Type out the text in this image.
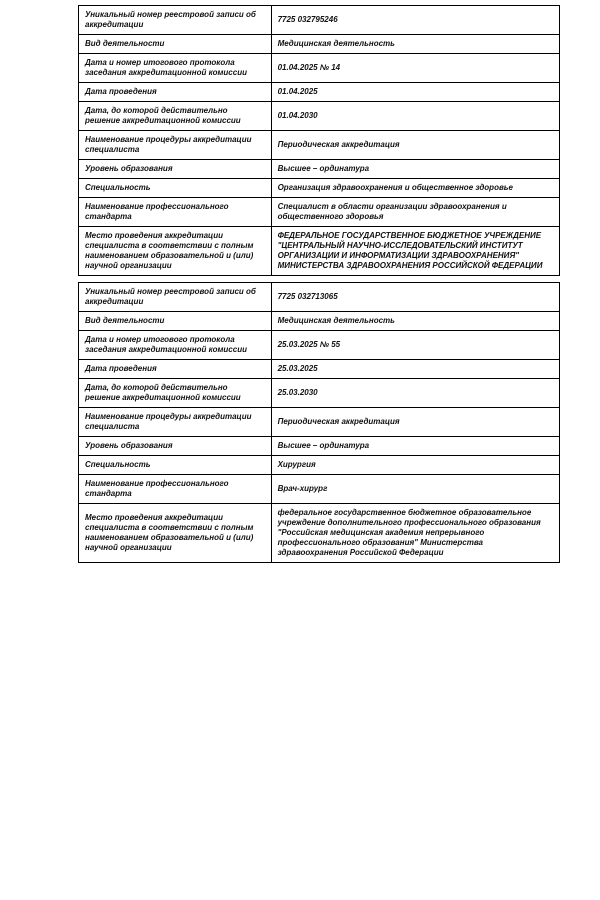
Уникальный номер реестровой записи об аккредитации	7725 032795246
Вид деятельности	Медицинская деятельность
Дата и номер итогового протокола заседания аккредитационной комиссии	01.04.2025 № 14
Дата проведения	01.04.2025
Дата, до которой действительно решение аккредитационной комиссии	01.04.2030
Наименование процедуры аккредитации специалиста	Периодическая аккредитация
Уровень образования	Высшее – ординатура
Специальность	Организация здравоохранения и общественное здоровье
Наименование профессионального стандарта	Специалист в области организации здравоохранения и общественного здоровья
Место проведения аккредитации специалиста в соответствии с полным наименованием образовательной и (или) научной организации	ФЕДЕРАЛЬНОЕ ГОСУДАРСТВЕННОЕ БЮДЖЕТНОЕ УЧРЕЖДЕНИЕ "ЦЕНТРАЛЬНЫЙ НАУЧНО-ИССЛЕДОВАТЕЛЬСКИЙ ИНСТИТУТ ОРГАНИЗАЦИИ И ИНФОРМАТИЗАЦИИ ЗДРАВООХРАНЕНИЯ" МИНИСТЕРСТВА ЗДРАВООХРАНЕНИЯ РОССИЙСКОЙ ФЕДЕРАЦИИ
Уникальный номер реестровой записи об аккредитации	7725 032713065
Вид деятельности	Медицинская деятельность
Дата и номер итогового протокола заседания аккредитационной комиссии	25.03.2025 № 55
Дата проведения	25.03.2025
Дата, до которой действительно решение аккредитационной комиссии	25.03.2030
Наименование процедуры аккредитации специалиста	Периодическая аккредитация
Уровень образования	Высшее – ординатура
Специальность	Хирургия
Наименование профессионального стандарта	Врач-хирург
Место проведения аккредитации специалиста в соответствии с полным наименованием образовательной и (или) научной организации	федеральное государственное бюджетное образовательное учреждение дополнительного профессионального образования "Российская медицинская академия непрерывного профессионального образования" Министерства здравоохранения Российской Федерации
